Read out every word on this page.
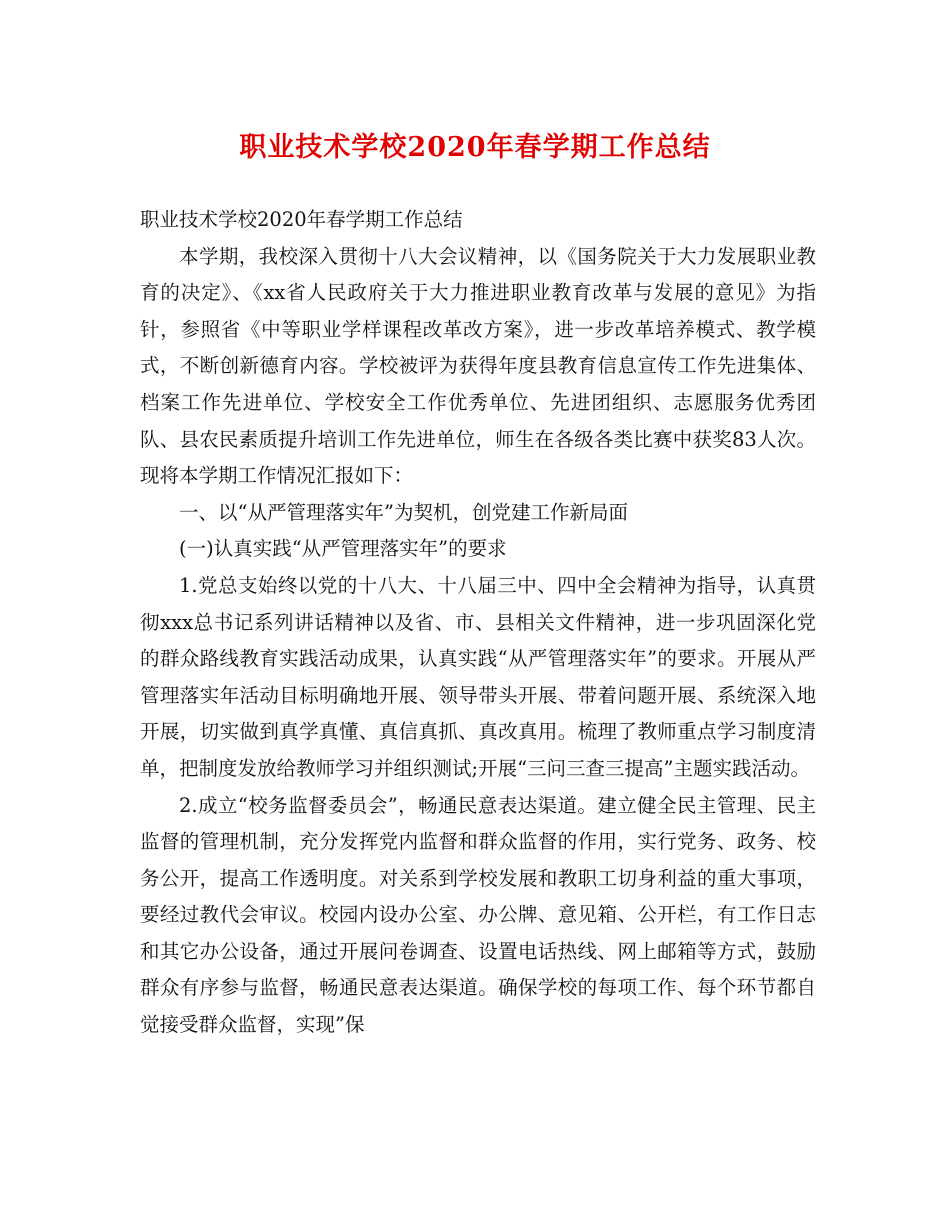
职业技术学校2020年春学期工作总结

职业技术学校2020年春学期工作总结

本学期，我校深入贯彻十八大会议精神，以《国务院关于大力发展职业教育的决定》、《xx省人民政府关于大力推进职业教育改革与发展的意见》为指针，参照省《中等职业学样课程改革改方案》，进一步改革培养模式、教学模式，不断创新德育内容。学校被评为获得年度县教育信息宣传工作先进集体、档案工作先进单位、学校安全工作优秀单位、先进团组织、志愿服务优秀团队、县农民素质提升培训工作先进单位，师生在各级各类比赛中获奖83人次。现将本学期工作情况汇报如下：

一、以“从严管理落实年”为契机，创党建工作新局面

(一)认真实践“从严管理落实年”的要求

1.党总支始终以党的十八大、十八届三中、四中全会精神为指导，认真贯彻xxx总书记系列讲话精神以及省、市、县相关文件精神，进一步巩固深化党的群众路线教育实践活动成果，认真实践“从严管理落实年”的要求。开展从严管理落实年活动目标明确地开展、领导带头开展、带着问题开展、系统深入地开展，切实做到真学真懂、真信真抓、真改真用。梳理了教师重点学习制度清单，把制度发放给教师学习并组织测试;开展“三问三查三提高”主题实践活动。

2.成立“校务监督委员会”，畅通民意表达渠道。建立健全民主管理、民主监督的管理机制，充分发挥党内监督和群众监督的作用，实行党务、政务、校务公开，提高工作透明度。对关系到学校发展和教职工切身利益的重大事项，要经过教代会审议。校园内设办公室、办公牌、意见箱、公开栏，有工作日志和其它办公设备，通过开展问卷调查、设置电话热线、网上邮箱等方式，鼓励群众有序参与监督，畅通民意表达渠道。确保学校的每项工作、每个环节都自觉接受群众监督，实现”保
